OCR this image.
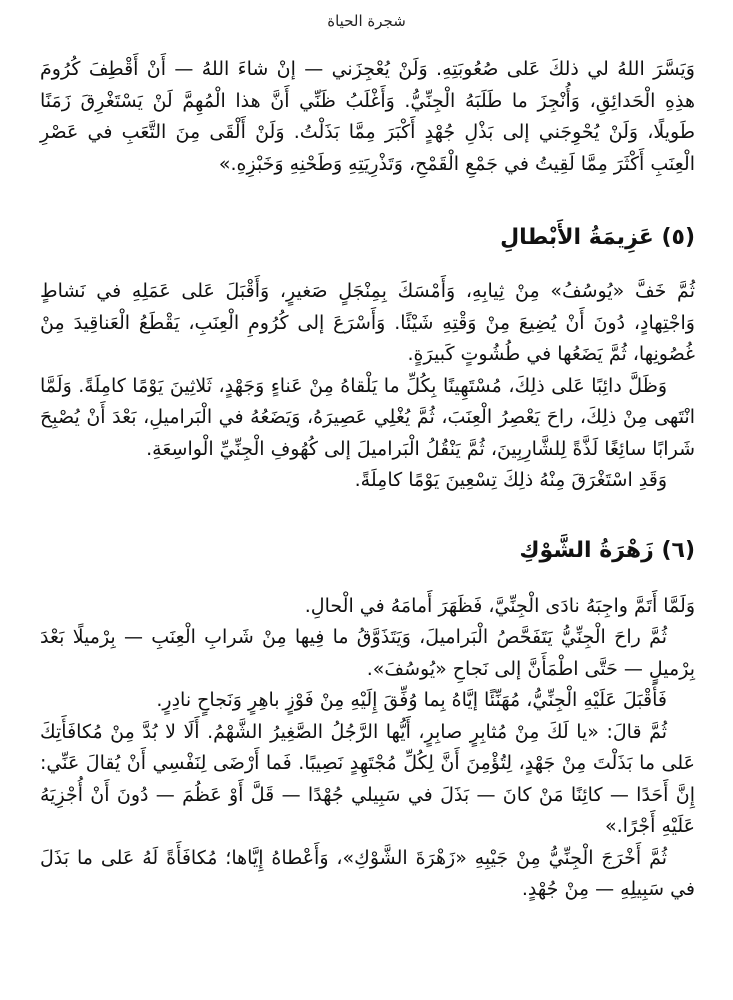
شجرة الحياة

وَيَسَّرَ اللهُ لي ذلكَ عَلى صُعُوبَتِهِ. وَلَنْ يُعْجِزَني — إنْ شاءَ اللهُ — أَنْ أَقْطِفَ كُرُومَ هذِهِ الْحَدائِقِ، وَأُنْجِزَ ما طَلَبَهُ الْجِنِّيُّ. وَأَغْلَبُ ظَنِّي أَنَّ هذا الْمُهِمَّ لَنْ يَسْتَغْرِقَ زَمَنًا طَويلًا، وَلَنْ يُحْوِجَني إلى بَذْلِ جُهْدٍ أَكْبَرَ مِمَّا بَذَلْتُ. وَلَنْ أَلْقَى مِنَ التَّعَبِ في عَصْرِ الْعِنَبِ أَكْثَرَ مِمَّا لَقِيتُ في جَمْعِ الْقَمْحِ، وَتَذْرِيَتِهِ وَطَحْنِهِ وَخَبْزِهِ.»

(٥) عَزِيمَةُ الأَبْطالِ

ثُمَّ خَفَّ «يُوسُفُ» مِنْ ثِيابِهِ، وَأَمْسَكَ بِمِنْجَلٍ صَغيرٍ، وَأَقْبَلَ عَلى عَمَلِهِ في نَشاطٍ وَاجْتِهادٍ، دُونَ أَنْ يُضِيعَ مِنْ وَقْتِهِ شَيْئًا. وَأَسْرَعَ إلى كُرُومِ الْعِنَبِ، يَقْطَعُ الْعَناقِيدَ مِنْ غُصُونِها، ثُمَّ يَضَعُها في طُشُوتٍ كَبيرَةٍ.

وَظَلَّ دائِبًا عَلى ذلِكَ، مُسْتَهِينًا بِكُلِّ ما يَلْقاهُ مِنْ عَناءٍ وَجَهْدٍ، ثَلاثِينَ يَوْمًا كامِلَةً. وَلَمَّا انْتَهى مِنْ ذلِكَ، راحَ يَعْصِرُ الْعِنَبَ، ثُمَّ يُغْلِي عَصِيرَهُ، وَيَضَعُهُ في الْبَراميلِ، بَعْدَ أَنْ يُصْبِحَ شَرابًا سائِغًا لَذَّةً لِلشَّارِبِينَ، ثُمَّ يَنْقُلُ الْبَراميلَ إلى كُهُوفِ الْجِنِّيِّ الْواسِعَةِ.

وَقَدِ اسْتَغْرَقَ مِنْهُ ذلِكَ تِسْعِينَ يَوْمًا كامِلَةً.

(٦) زَهْرَةُ الشَّوْكِ

وَلَمَّا أَتَمَّ واجِبَهُ نادَى الْجِنِّيَّ، فَظَهَرَ أَمامَهُ في الْحالِ.

ثُمَّ راحَ الْجِنِّيُّ يَتَفَحَّصُ الْبَراميلَ، وَيَتَذَوَّقُ ما فِيها مِنْ شَرابِ الْعِنَبِ — بِرْميلًا بَعْدَ بِرْميلٍ — حَتَّى اطْمَأَنَّ إلى نَجاحِ «يُوسُفَ».

فَأَقْبَلَ عَلَيْهِ الْجِنِّيُّ، مُهَنِّئًا إيَّاهُ بِما وُفِّقَ إِلَيْهِ مِنْ فَوْزٍ باهِرٍ وَنَجاحٍ نادِرٍ.

ثُمَّ قالَ: «يا لَكَ مِنْ مُثابِرٍ صابِرٍ، أَيُّها الرَّجُلُ الصَّغِيرُ الشَّهْمُ. أَلَا لا بُدَّ مِنْ مُكافَأَتِكَ عَلى ما بَذَلْتَ مِنْ جَهْدٍ، لِتُؤْمِنَ أَنَّ لِكُلِّ مُجْتَهِدٍ نَصِيبًا. فَما أَرْضَى لِنَفْسِي أَنْ يُقالَ عَنِّي: إِنَّ أَحَدًا — كائِنًا مَنْ كانَ — بَذَلَ في سَبِيلي جُهْدًا — قَلَّ أَوْ عَظُمَ — دُونَ أَنْ أُجْزِيَهُ عَلَيْهِ أَجْرًا.»

ثُمَّ أَخْرَجَ الْجِنِّيُّ مِنْ جَيْبِهِ «زَهْرَةَ الشَّوْكِ»، وَأَعْطاهُ إِيَّاها؛ مُكافَأَةً لَهُ عَلى ما بَذَلَ في سَبِيلِهِ — مِنْ جُهْدٍ.
